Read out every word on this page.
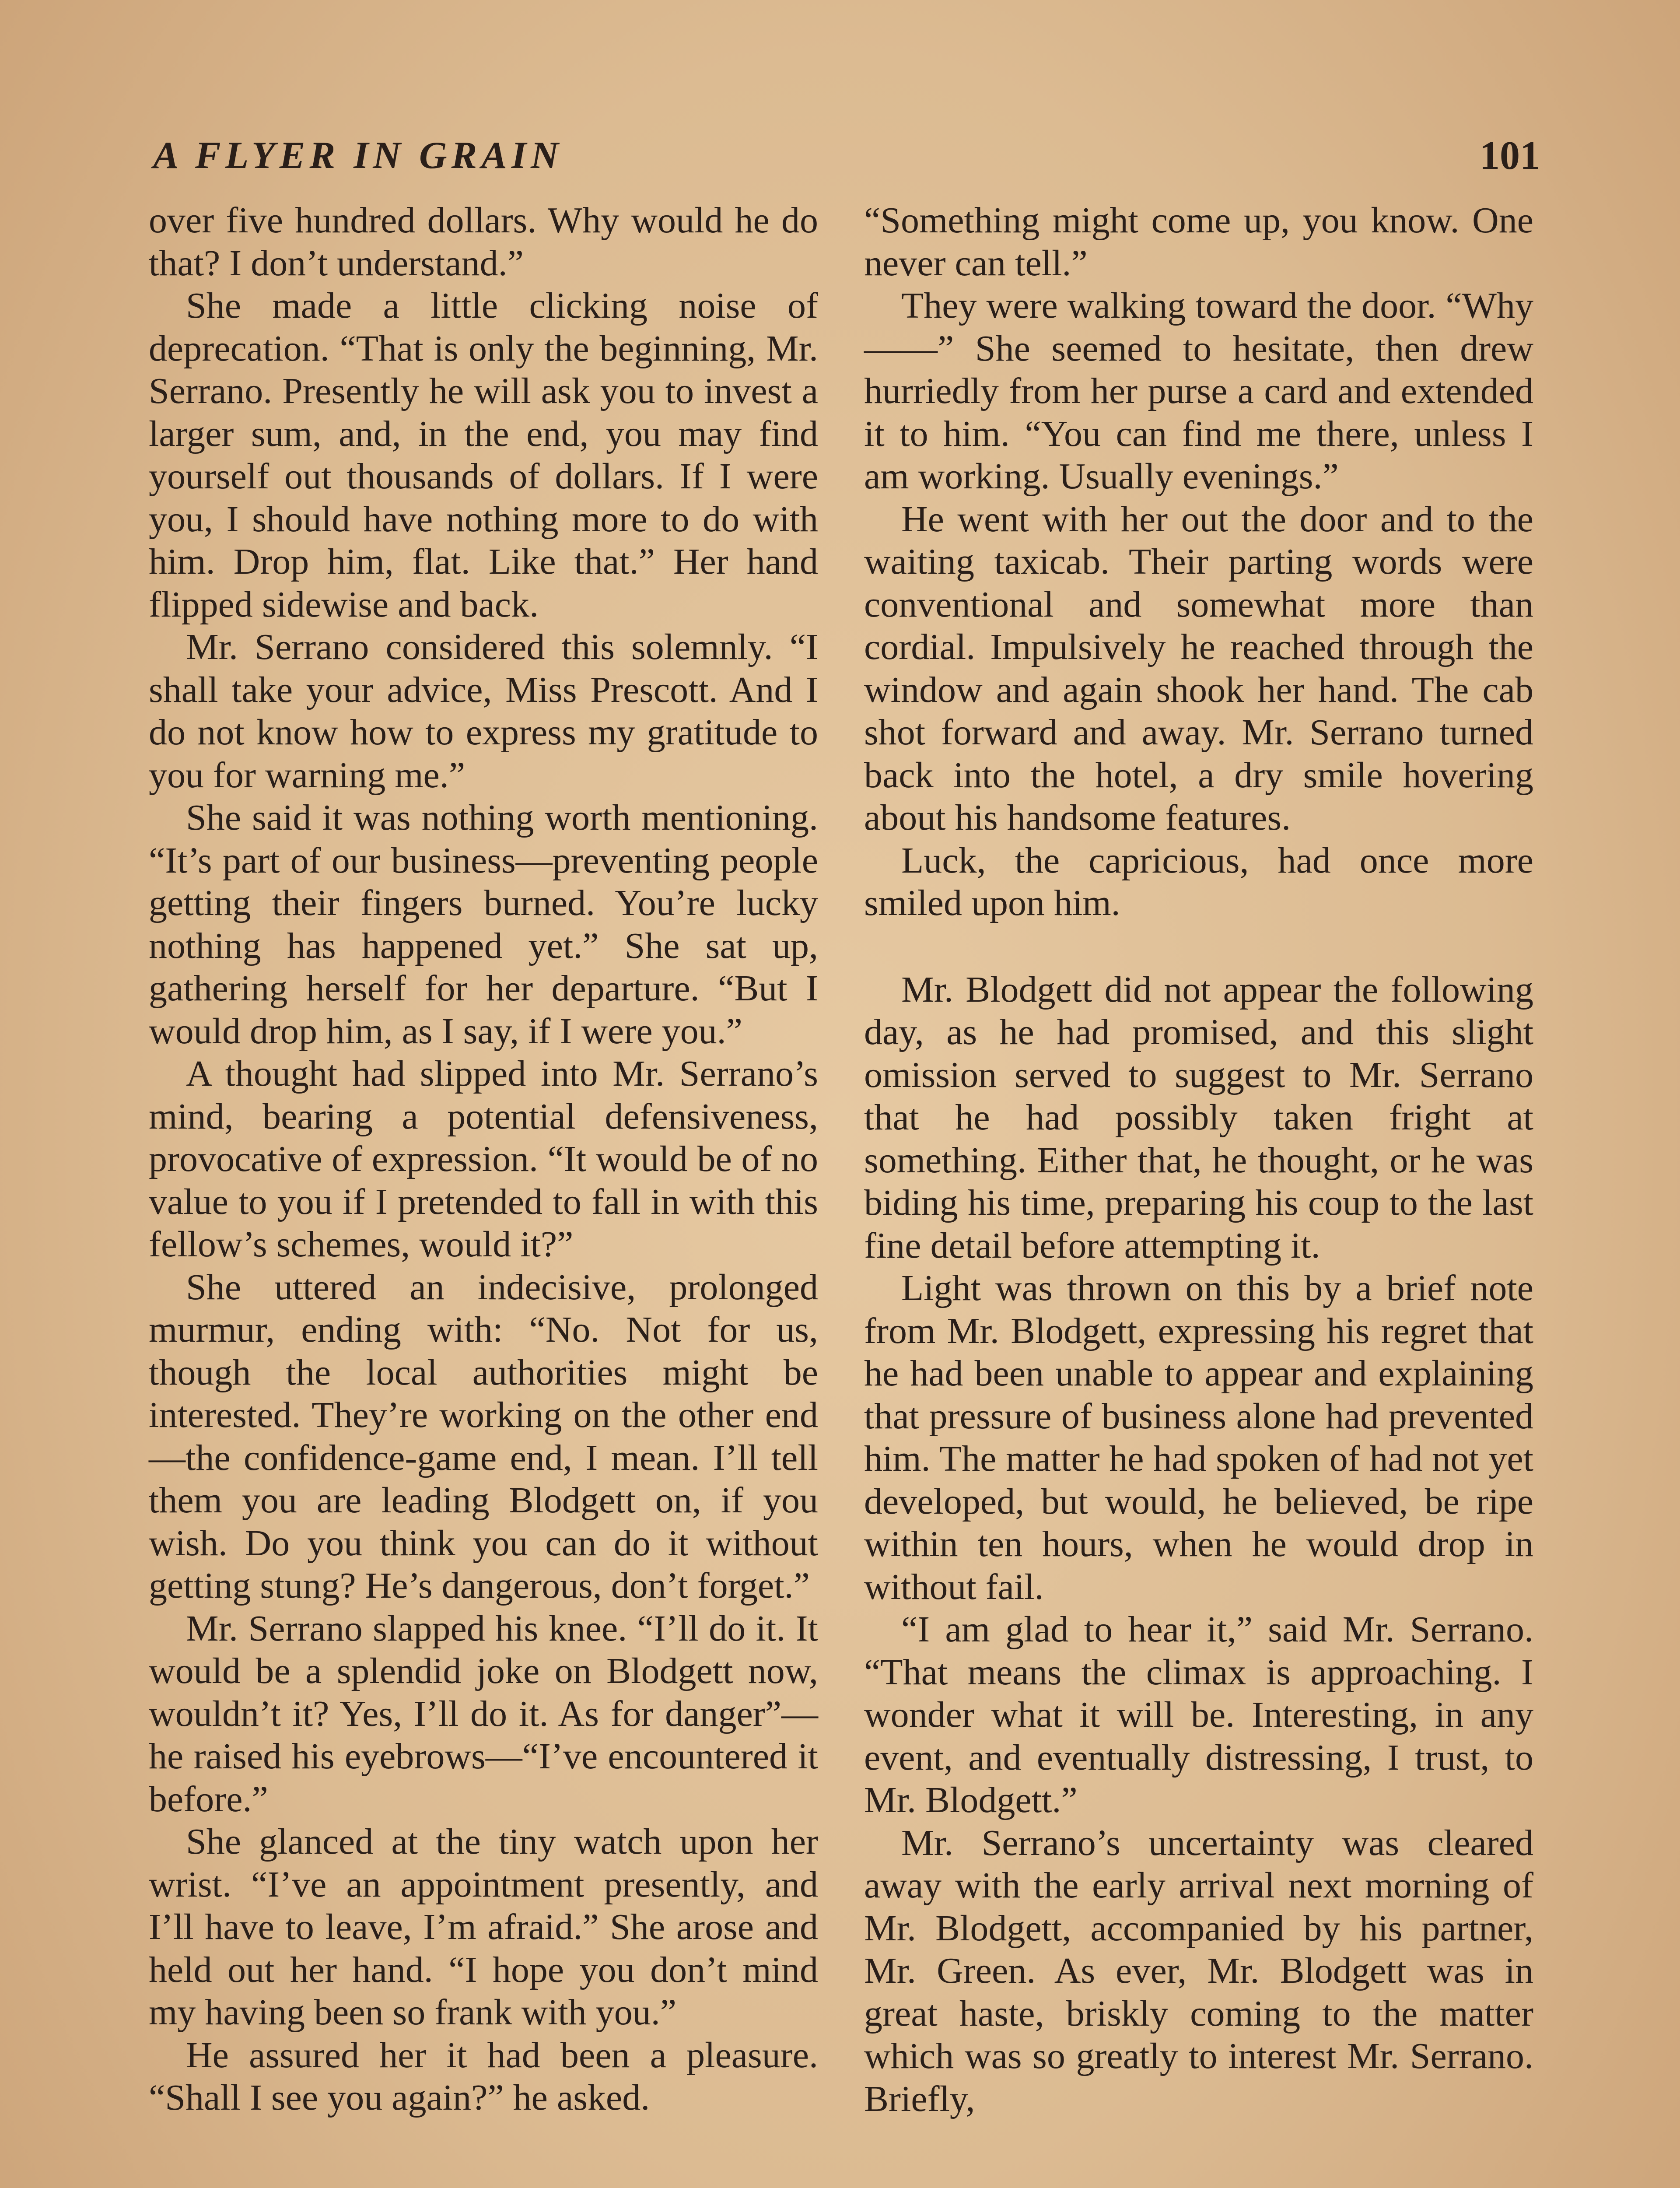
A FLYER IN GRAIN	101

over five hundred dollars. Why would he do that? I don’t understand.”

She made a little clicking noise of deprecation. “That is only the beginning, Mr. Serrano. Presently he will ask you to invest a larger sum, and, in the end, you may find yourself out thousands of dollars. If I were you, I should have nothing more to do with him. Drop him, flat. Like that.” Her hand flipped sidewise and back.

Mr. Serrano considered this solemnly. “I shall take your advice, Miss Prescott. And I do not know how to express my gratitude to you for warning me.”

She said it was nothing worth mentioning. “It’s part of our business—preventing people getting their fingers burned. You’re lucky nothing has happened yet.” She sat up, gathering herself for her departure. “But I would drop him, as I say, if I were you.”

A thought had slipped into Mr. Serrano’s mind, bearing a potential defensiveness, provocative of expression. “It would be of no value to you if I pretended to fall in with this fellow’s schemes, would it?”

She uttered an indecisive, prolonged murmur, ending with: “No. Not for us, though the local authorities might be interested. They’re working on the other end—the confidence-game end, I mean. I’ll tell them you are leading Blodgett on, if you wish. Do you think you can do it without getting stung? He’s dangerous, don’t forget.”

Mr. Serrano slapped his knee. “I’ll do it. It would be a splendid joke on Blodgett now, wouldn’t it? Yes, I’ll do it. As for danger”—he raised his eyebrows—“I’ve encountered it before.”

She glanced at the tiny watch upon her wrist. “I’ve an appointment presently, and I’ll have to leave, I’m afraid.” She arose and held out her hand. “I hope you don’t mind my having been so frank with you.”

He assured her it had been a pleasure. “Shall I see you again?” he asked.

“Something might come up, you know. One never can tell.”

They were walking toward the door. “Why——” She seemed to hesitate, then drew hurriedly from her purse a card and extended it to him. “You can find me there, unless I am working. Usually evenings.”

He went with her out the door and to the waiting taxicab. Their parting words were conventional and somewhat more than cordial. Impulsively he reached through the window and again shook her hand. The cab shot forward and away. Mr. Serrano turned back into the hotel, a dry smile hovering about his handsome features.

Luck, the capricious, had once more smiled upon him.

Mr. Blodgett did not appear the following day, as he had promised, and this slight omission served to suggest to Mr. Serrano that he had possibly taken fright at something. Either that, he thought, or he was biding his time, preparing his coup to the last fine detail before attempting it.

Light was thrown on this by a brief note from Mr. Blodgett, expressing his regret that he had been unable to appear and explaining that pressure of business alone had prevented him. The matter he had spoken of had not yet developed, but would, he believed, be ripe within ten hours, when he would drop in without fail.

“I am glad to hear it,” said Mr. Serrano. “That means the climax is approaching. I wonder what it will be. Interesting, in any event, and eventually distressing, I trust, to Mr. Blodgett.”

Mr. Serrano’s uncertainty was cleared away with the early arrival next morning of Mr. Blodgett, accompanied by his partner, Mr. Green. As ever, Mr. Blodgett was in great haste, briskly coming to the matter which was so greatly to interest Mr. Serrano. Briefly,
